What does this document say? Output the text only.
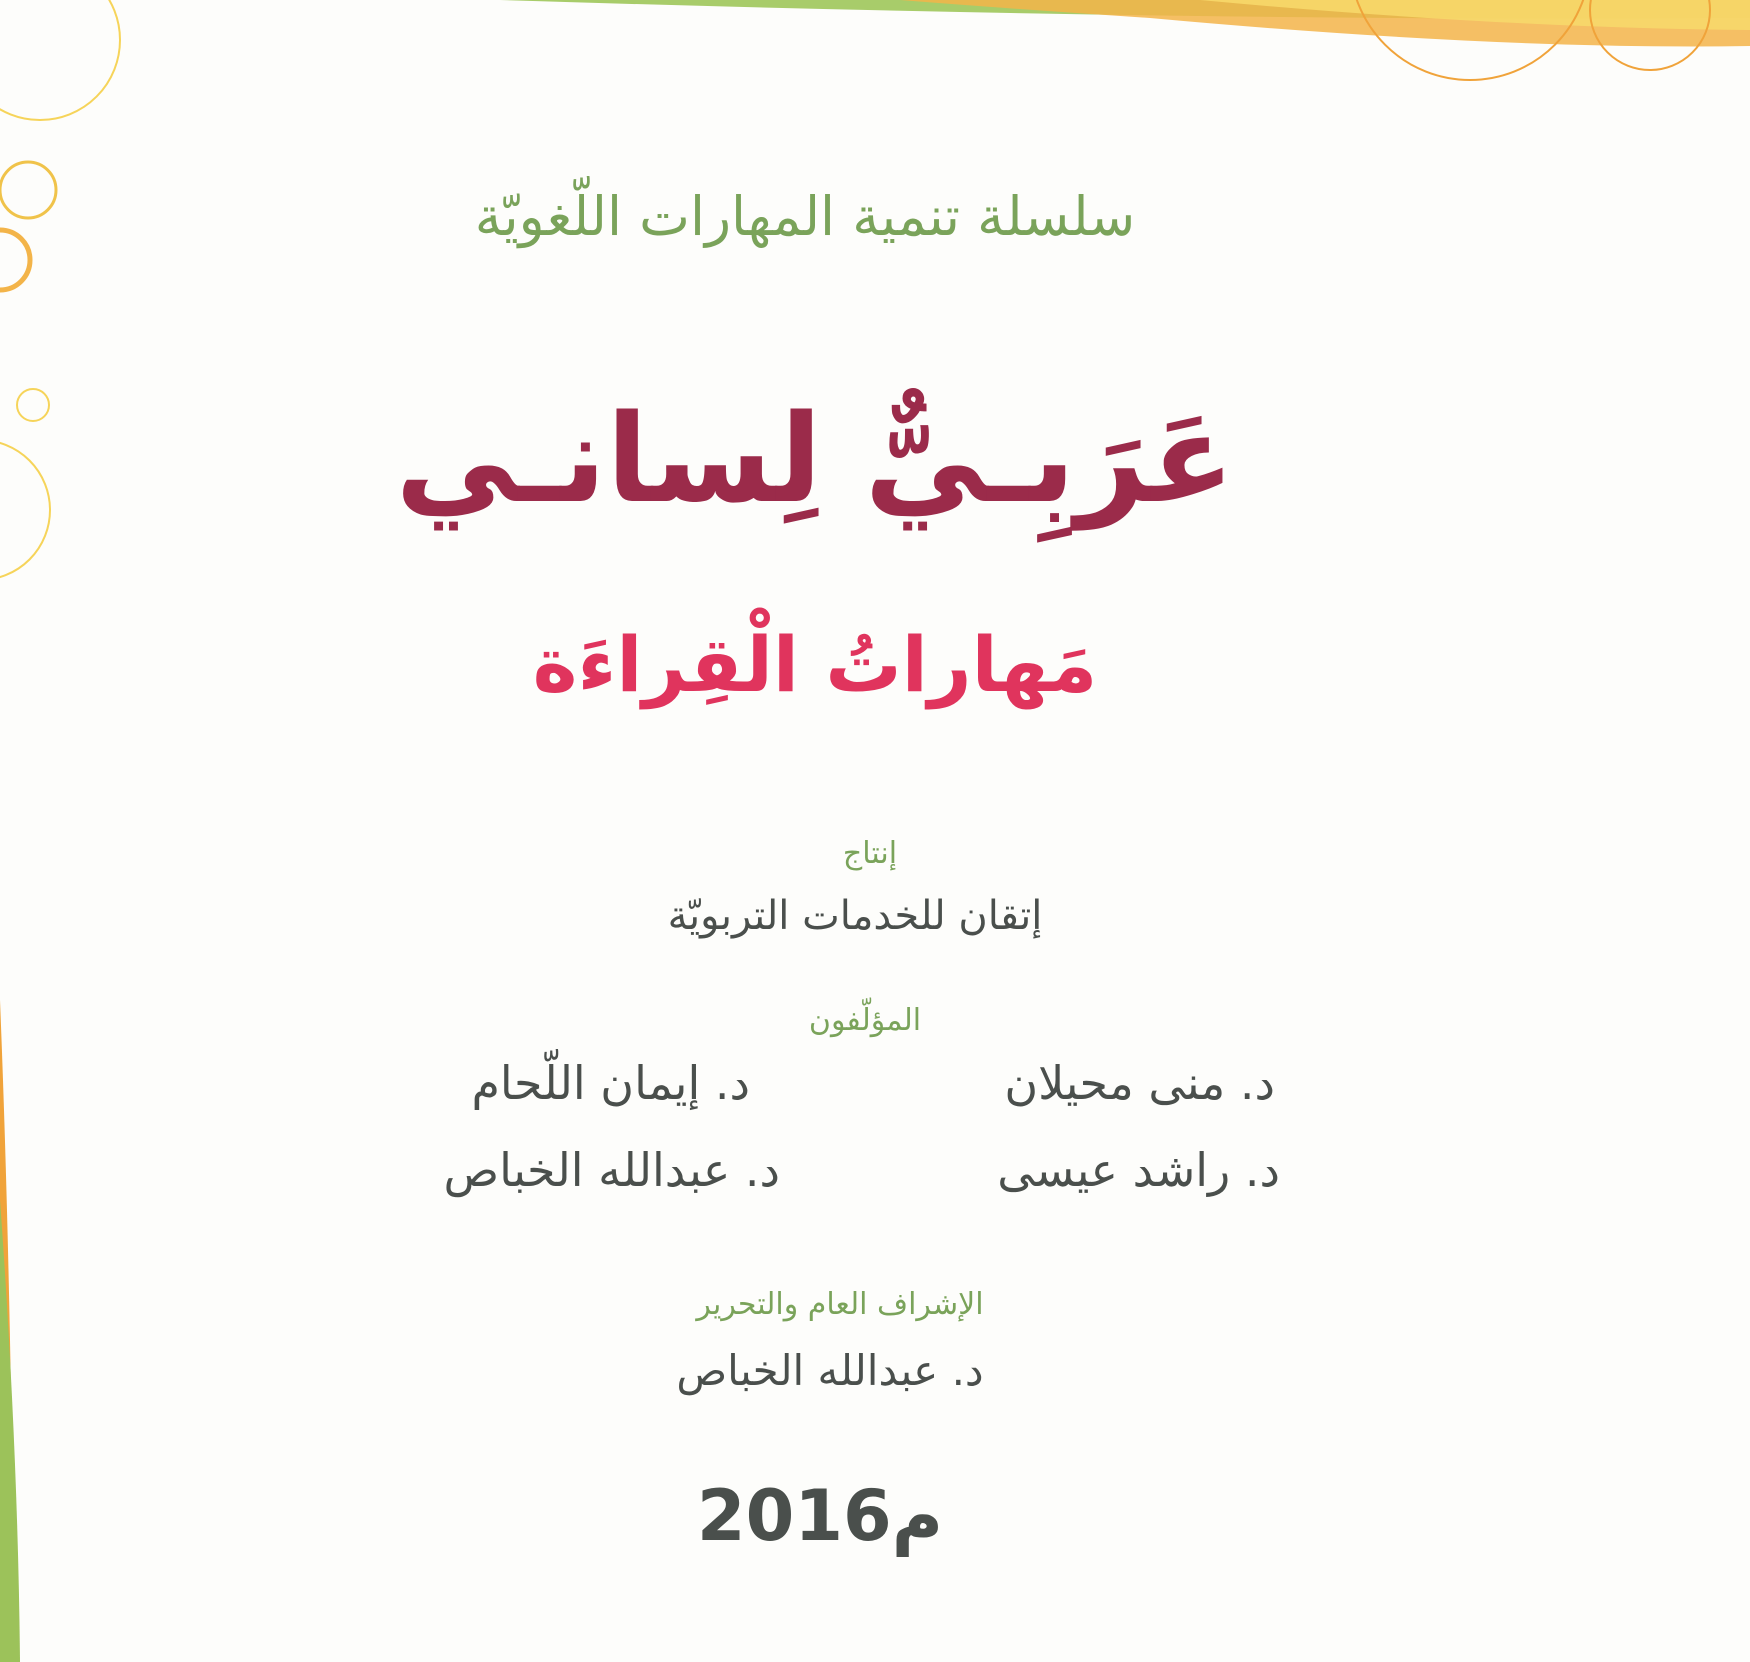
سلسلة تنمية المهارات اللّغويّة

عَرَبِـيٌّ لِسانـي

مَهاراتُ الْقِراءَة

إنتاج

إتقان للخدمات التربويّة

المؤلّفون

د. منى محيلان
د. إيمان اللّحام
د. راشد عيسى
د. عبدالله الخباص

الإشراف العام والتحرير

د. عبدالله الخباص

2016م
